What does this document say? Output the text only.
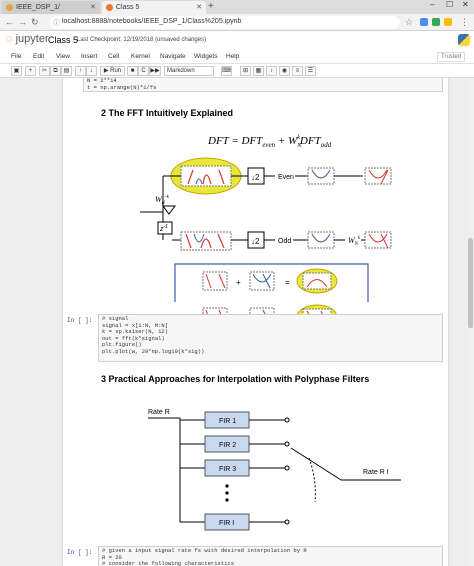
IEEE_DSP_1/	✕	Class 5	✕ +	– ☐ ✕
← → ↻ ⓘ localhost:8888/notebooks/IEEE_DSP_1/Class%205.ipynb	☆	⋮
◌ jupyter Class 5
Last Checkpoint: 12/19/2018 (unsaved changes)
File Edit View Insert Cell Kernel Navigate Widgets Help	Trusted
▣	+	✂	⧉	▤	↑	↓	▶ Run	■	C ▶▶	Markdown	⌨	⊞	▦	↕	◉	≡	☰
N = 2**14
t = np.arange(N)*1/fs
2 The FFT Intuitively Explained
DFT = $DFT_{even}$ + $W_NkDFT_{odd}$
↓2	Even
$W_N^{-k}$
$z^{-1}$
↓2	Odd	$W_N^k$
+	=
In [ ]: # signal
signal = x[1:N, M:N]
k = sp.kaiser(N, 12)
out = fft(k*signal)
plt.figure()
plt.plot(w, 20*np.log10(k*sig))
3 Practical Approaches for Interpolation with Polyphase Filters
Rate R
FIR 1
FIR 2
FIR 3
FIR I
Rate R I
In [ ]: # given a input signal rate fs with desired interpolation by R
R = 20
# consider the following characteristics
